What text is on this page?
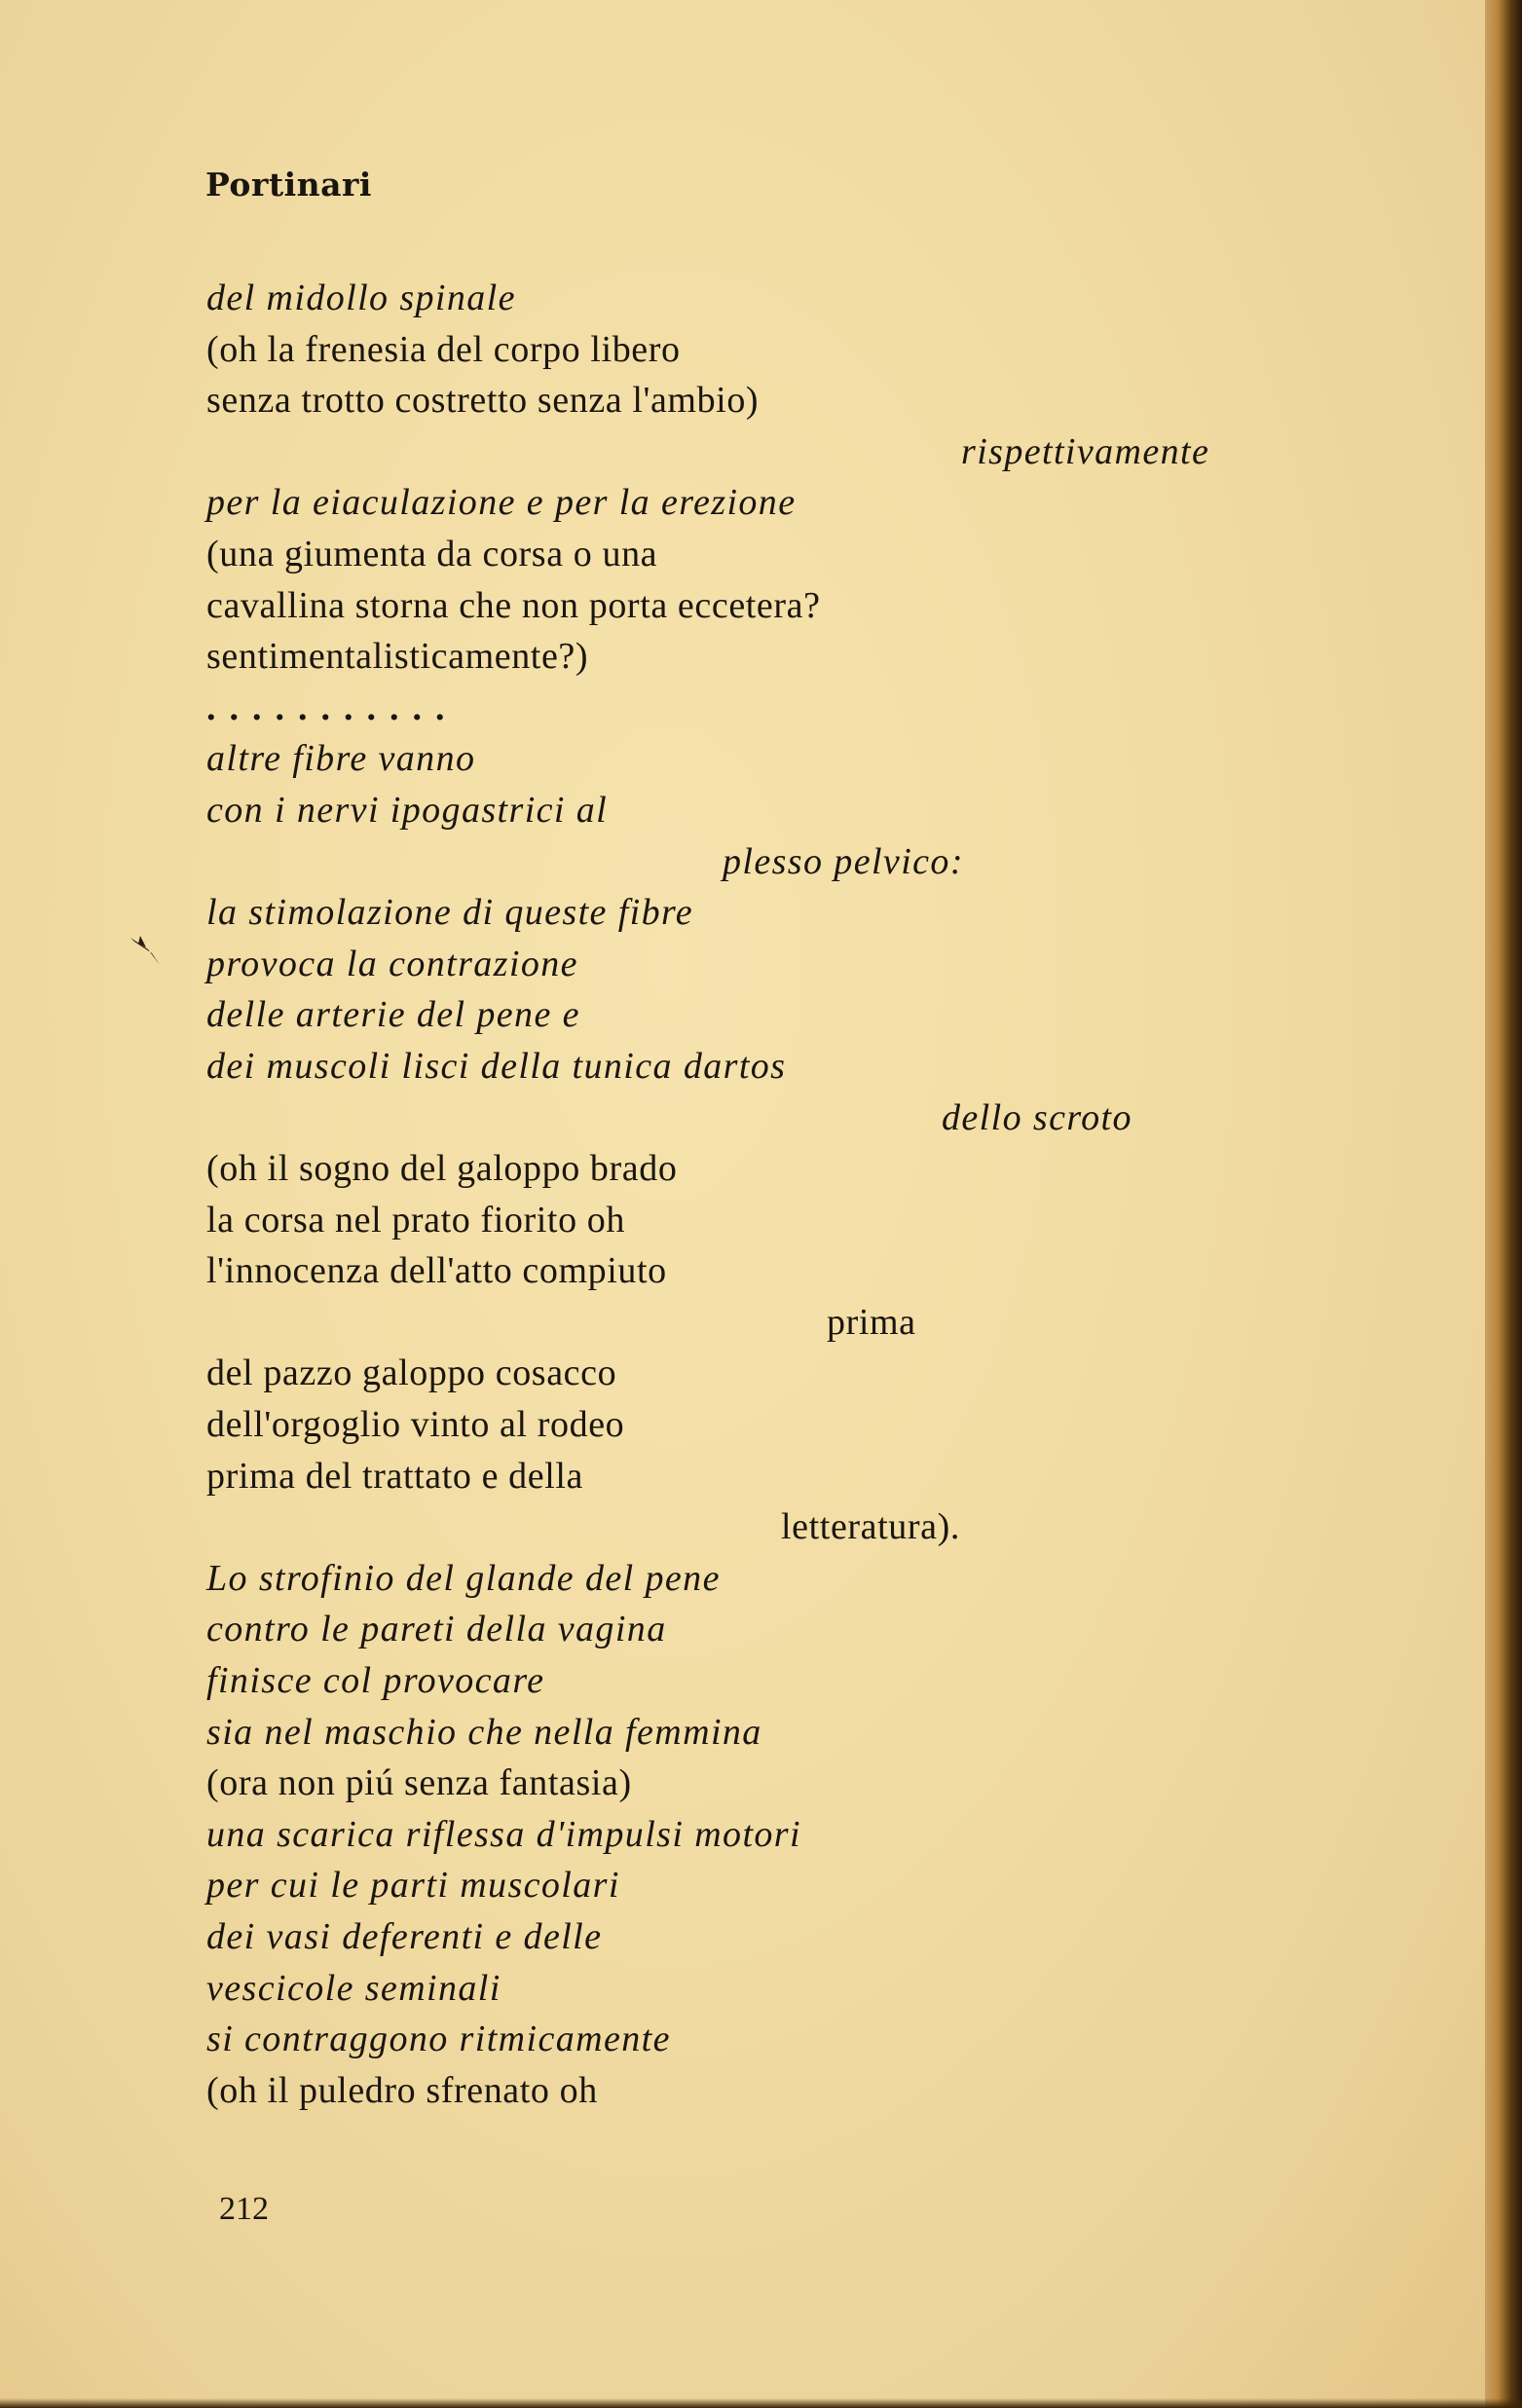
Portinari
del midollo spinale
(oh la frenesia del corpo libero
senza trotto costretto senza l'ambio)
rispettivamente
per la eiaculazione e per la erezione
(una giumenta da corsa o una
cavallina storna che non porta eccetera?
sentimentalisticamente?)
...........
altre fibre vanno
con i nervi ipogastrici al
plesso pelvico:
la stimolazione di queste fibre
provoca la contrazione
delle arterie del pene e
dei muscoli lisci della tunica dartos
dello scroto
(oh il sogno del galoppo brado
la corsa nel prato fiorito oh
l'innocenza dell'atto compiuto
prima
del pazzo galoppo cosacco
dell'orgoglio vinto al rodeo
prima del trattato e della
letteratura).
Lo strofinio del glande del pene
contro le pareti della vagina
finisce col provocare
sia nel maschio che nella femmina
(ora non piú senza fantasia)
una scarica riflessa d'impulsi motori
per cui le parti muscolari
dei vasi deferenti e delle
vescicole seminali
si contraggono ritmicamente
(oh il puledro sfrenato oh
212
